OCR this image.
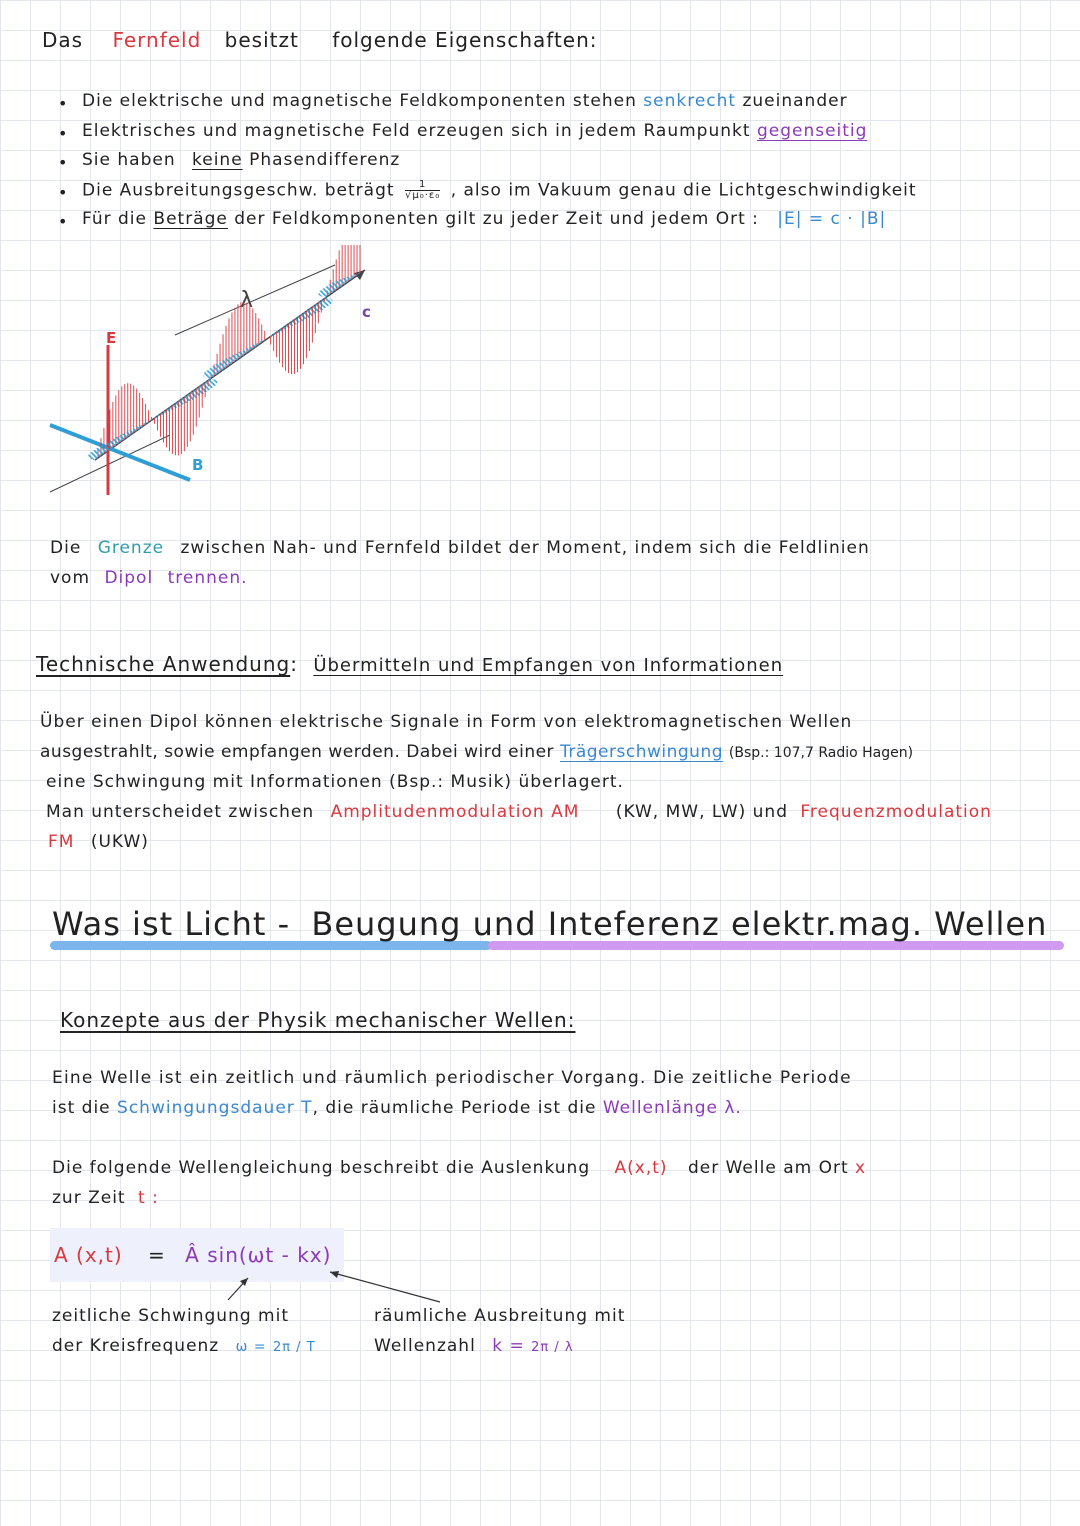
Das Fernfeld besitzt folgende Eigenschaften:
• Die elektrische und magnetische Feldkomponenten stehen senkrecht zueinander
• Elektrisches und magnetische Feld erzeugen sich in jedem Raumpunkt gegenseitig
• Sie haben keine Phasendifferenz
• Die Ausbreitungsgeschw. beträgt $\frac{1}{\text{√μ₀·ε₀}}$ , also im Vakuum genau die Lichtgeschwindigkeit
• Für die Beträge der Feldkomponenten gilt zu jeder Zeit und jedem Ort : |E| = c · |B|
E
B
λ	c
Die Grenze zwischen Nah- und Fernfeld bildet der Moment, indem sich die Feldlinien
vom Dipol trennen.
Technische Anwendung: Übermitteln und Empfangen von Informationen
Über einen Dipol können elektrische Signale in Form von elektromagnetischen Wellen
ausgestrahlt, sowie empfangen werden. Dabei wird einer Trägerschwingung (Bsp.: 107,7 Radio Hagen)
eine Schwingung mit Informationen (Bsp.: Musik) überlagert.
Man unterscheidet zwischen Amplitudenmodulation AM (KW, MW, LW) und Frequenzmodulation
FM (UKW)
Was ist Licht - Beugung und Inteferenz elektr.mag. Wellen
Konzepte aus der Physik mechanischer Wellen:
Eine Welle ist ein zeitlich und räumlich periodischer Vorgang. Die zeitliche Periode
ist die Schwingungsdauer T, die räumliche Periode ist die Wellenlänge λ.
Die folgende Wellengleichung beschreibt die Auslenkung A(x,t) der Welle am Ort x
zur Zeit t :
A (x,t) = Â sin(ωt - kx)
zeitliche Schwingung mit
der Kreisfrequenz ω = 2π / T
räumliche Ausbreitung mit
Wellenzahl k = 2π / λ
